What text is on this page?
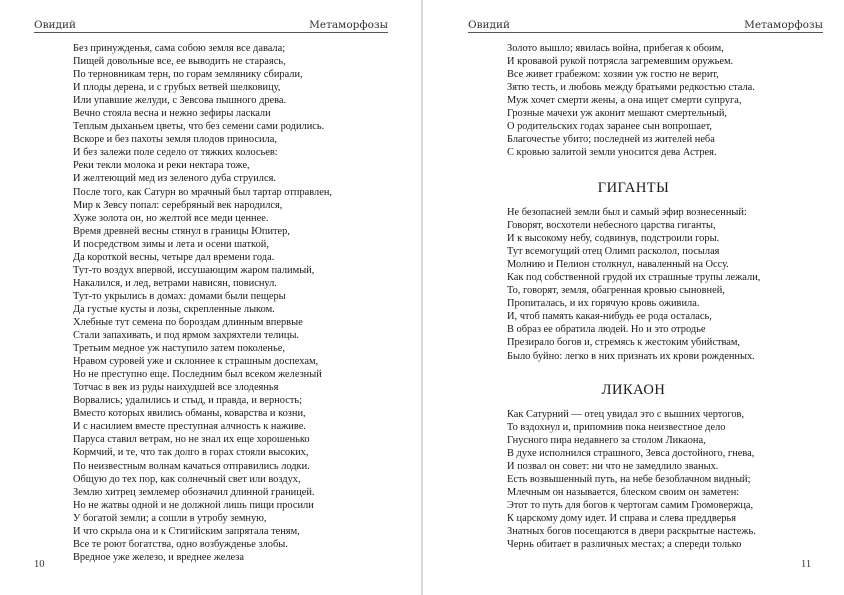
Овидий	Метаморфозы
Без принужденья, сама собою земля все давала;
Пищей довольные все, ее выводить не стараясь,
По терновникам терн, по горам землянику сбирали,
И плоды дерена, и с грубых ветвей шелковицу,
Или упавшие желуди, с Зевсова пышного древа.
Вечно стояла весна и нежно зефиры ласкали
Теплым дыханьем цветы, что без семени сами родились.
Вскоре и без пахоты земля плодов приносила,
И без залежи поле седело от тяжких колосьев:
Реки текли молока и реки нектара тоже,
И желтеющий мед из зеленого дуба струился.
После того, как Сатурн во мрачный был тартар отправлен,
Мир к Зевсу попал: серебряный век народился,
Хуже золота он, но желтой все меди ценнее.
Время древней весны стянул в границы Юпитер,
И посредством зимы и лета и осени шаткой,
Да короткой весны, четыре дал времени года.
Тут-то воздух впервой, иссушающим жаром палимый,
Накалился, и лед, ветрами нависян, повиснул.
Тут-то укрылись в домах: домами были пещеры
Да густые кусты и лозы, скрепленные лыком.
Хлебные тут семена по бороздам длинным впервые
Стали запахивать, и под ярмом захряхтели телицы.
Третьим медное уж наступило затем поколенье,
Нравом суровей уже и склоннее к страшным доспехам,
Но не преступно еще. Последним был всеком железный
Тотчас в век из руды наихудшей все злодеянья
Ворвались; удалились и стыд, и правда, и верность;
Вместо которых явились обманы, коварства и козни,
И с насилием вместе преступная алчность к наживе.
Паруса ставил ветрам, но не знал их еще хорошенько
Кормчий, и те, что так долго в горах стояли высоких,
По неизвестным волнам качаться отправились лодки.
Общую до тех пор, как солнечный свет или воздух,
Землю хитрец землемер обозначил длинной границей.
Но не жатвы одной и не должной лишь пищи просили
У богатой земли; а сошли в утробу земную,
И что скрыла она и к Стигийским запрятала теням,
Все те роют богатства, одно возбужденье злобы.
Вредное уже железо, и вреднее железа
10
Овидий	Метаморфозы
Золото вышло; явилась война, прибегая к обоим,
И кровавой рукой потрясла загремевшим оружьем.
Все живет грабежом: хозяин уж гостю не верит,
Зятю тесть, и любовь между братьями редкостью стала.
Муж хочет смерти жены, а она ищет смерти супруга,
Грозные мачехи уж аконит мешают смертельный,
О родительских годах заранее сын вопрошает,
Благочестье убито; последней из жителей неба
С кровью залитой земли уносится дева Астрея.
ГИГАНТЫ
Не безопасней земли был и самый эфир вознесенный:
Говорят, восхотели небесного царства гиганты,
И к высокому небу, содвинув, подстроили горы.
Тут всемогущий отец Олимп расколол, посылая
Молнию и Пелион столкнул, наваленный на Оссу.
Как под собственной грудой их страшные трупы лежали,
То, говорят, земля, обагренная кровью сыновней,
Пропиталась, и их горячую кровь оживила.
И, чтоб память какая-нибудь ее рода осталась,
В образ ее обратила людей. Но и это отродье
Презирало богов и, стремясь к жестоким убийствам,
Было буйно: легко в них признать их крови рожденных.
ЛИКАОН
Как Сатурний — отец увидал это с вышних чертогов,
То вздохнул и, припомнив пока неизвестное дело
Гнусного пира недавнего за столом Ликаона,
В духе исполнился страшного, Зевса достойного, гнева,
И позвал он совет: ни что не замедлило званых.
Есть возвышенный путь, на небе безоблачном видный;
Млечным он называется, блеском своим он заметен:
Этот то путь для богов к чертогам самим Громовержца,
К царскому дому идет. И справа и слева преддверья
Знатных богов посещаются в двери раскрытые настежь.
Чернь обитает в различных местах; а спереди только
11
